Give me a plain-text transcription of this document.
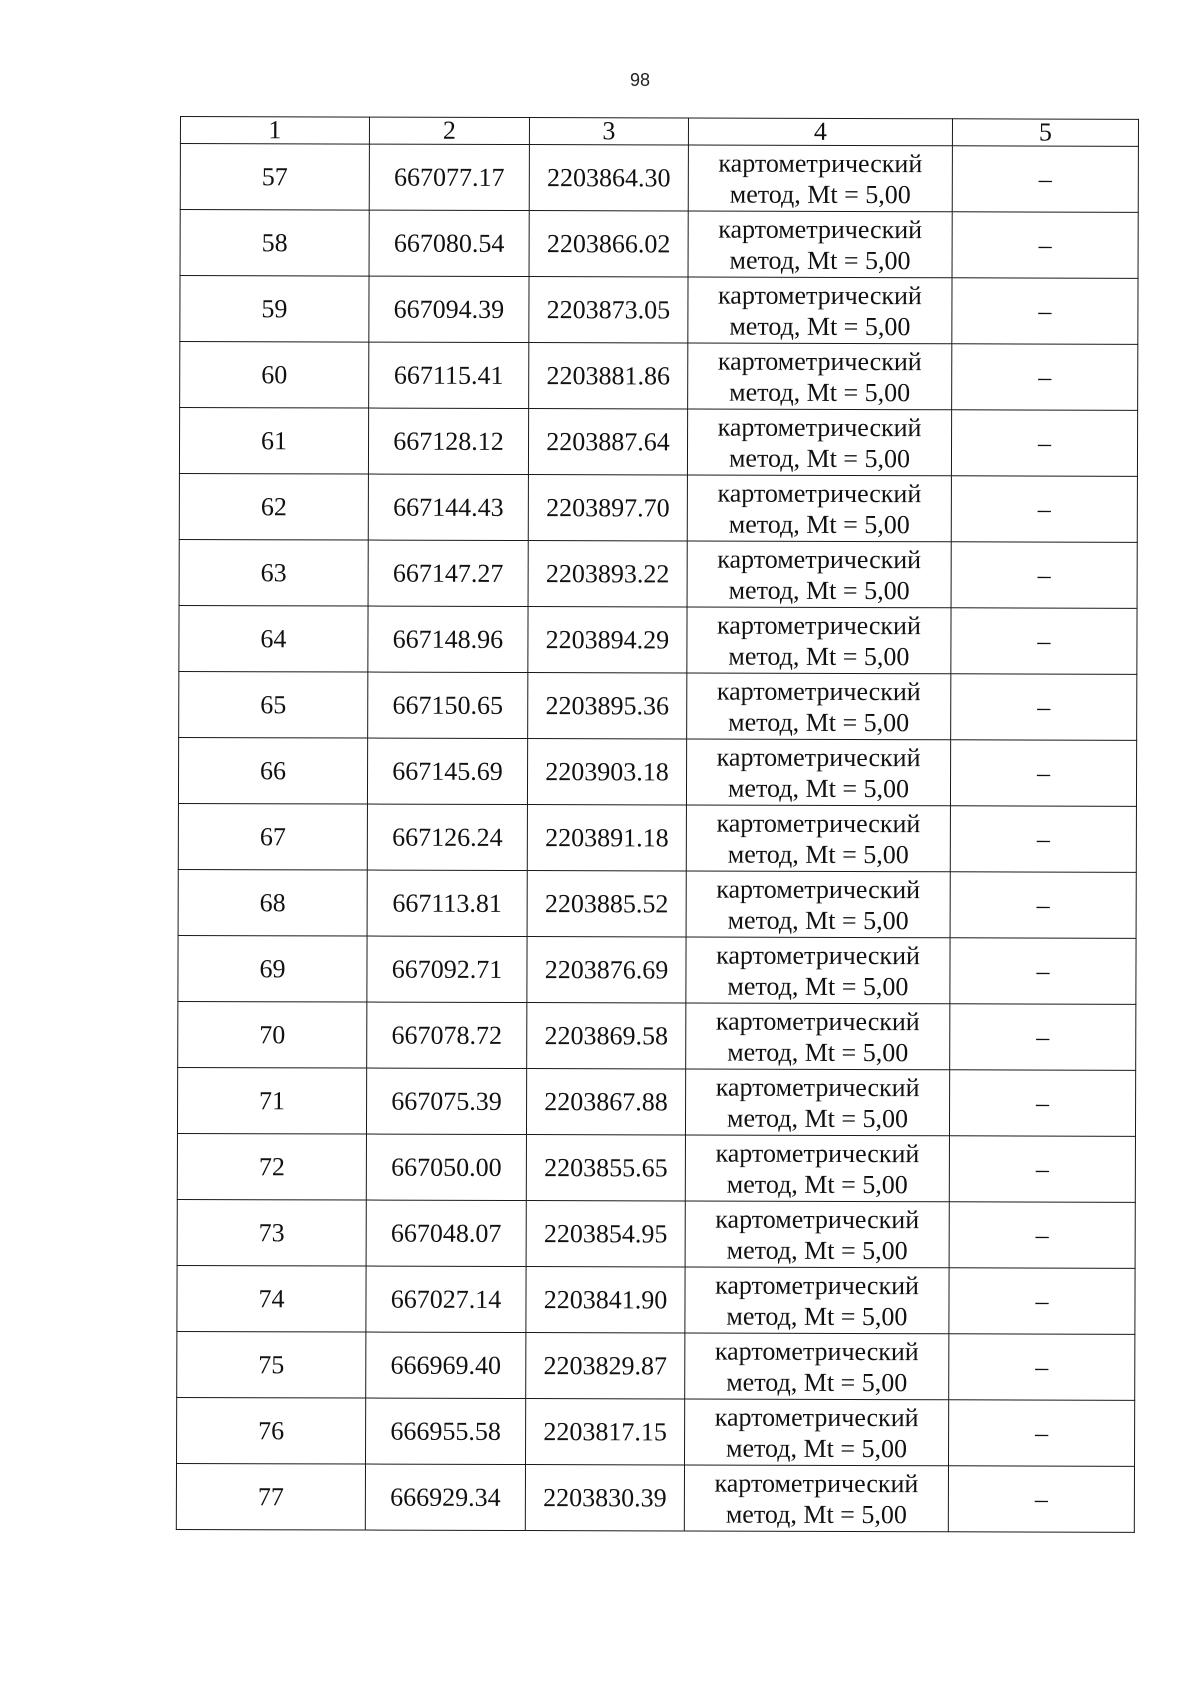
98
1	2	3	4	5
57	667077.17	2203864.30	картометрический
метод, Mt = 5,00	–
58	667080.54	2203866.02	картометрический
метод, Mt = 5,00	–
59	667094.39	2203873.05	картометрический
метод, Mt = 5,00	–
60	667115.41	2203881.86	картометрический
метод, Mt = 5,00	–
61	667128.12	2203887.64	картометрический
метод, Mt = 5,00	–
62	667144.43	2203897.70	картометрический
метод, Mt = 5,00	–
63	667147.27	2203893.22	картометрический
метод, Mt = 5,00	–
64	667148.96	2203894.29	картометрический
метод, Mt = 5,00	–
65	667150.65	2203895.36	картометрический
метод, Mt = 5,00	–
66	667145.69	2203903.18	картометрический
метод, Mt = 5,00	–
67	667126.24	2203891.18	картометрический
метод, Mt = 5,00	–
68	667113.81	2203885.52	картометрический
метод, Mt = 5,00	–
69	667092.71	2203876.69	картометрический
метод, Mt = 5,00	–
70	667078.72	2203869.58	картометрический
метод, Mt = 5,00	–
71	667075.39	2203867.88	картометрический
метод, Mt = 5,00	–
72	667050.00	2203855.65	картометрический
метод, Mt = 5,00	–
73	667048.07	2203854.95	картометрический
метод, Mt = 5,00	–
74	667027.14	2203841.90	картометрический
метод, Mt = 5,00	–
75	666969.40	2203829.87	картометрический
метод, Mt = 5,00	–
76	666955.58	2203817.15	картометрический
метод, Mt = 5,00	–
77	666929.34	2203830.39	картометрический
метод, Mt = 5,00	–
